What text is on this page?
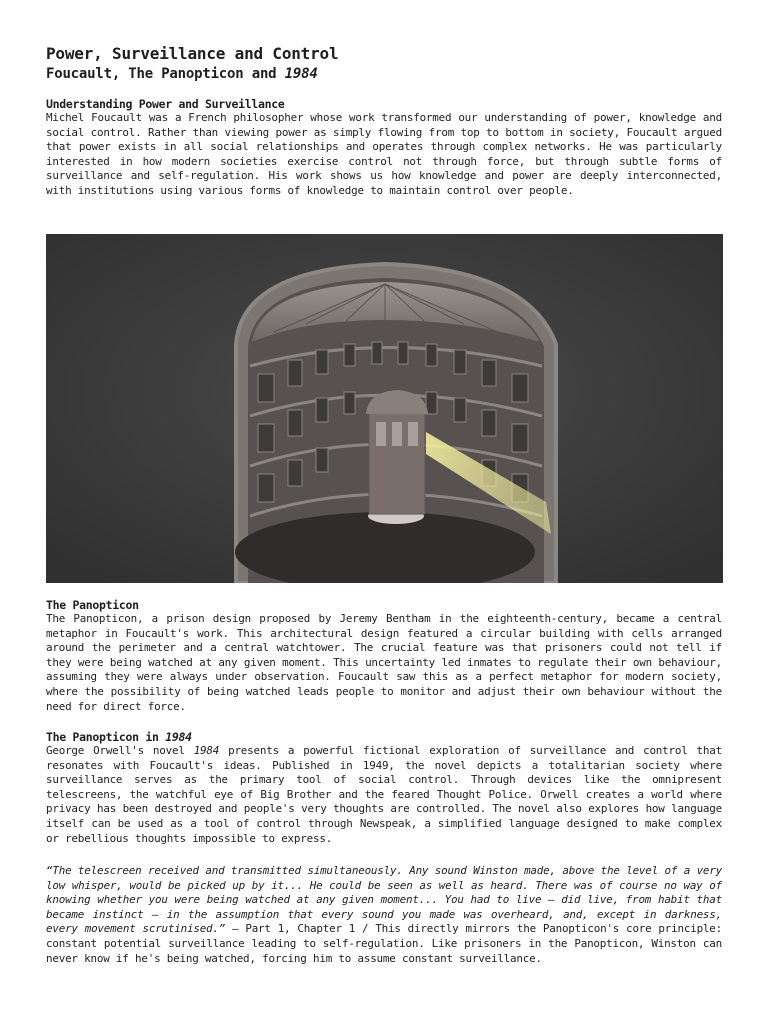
Power, Surveillance and Control
Foucault, The Panopticon and 1984
Understanding Power and Surveillance

Michel Foucault was a French philosopher whose work transformed our understanding of power, knowledge and social control. Rather than viewing power as simply flowing from top to bottom in society, Foucault argued that power exists in all social relationships and operates through complex networks. He was particularly interested in how modern societies exercise control not through force, but through subtle forms of surveillance and self-regulation. His work shows us how knowledge and power are deeply interconnected, with institutions using various forms of knowledge to maintain control over people.

The Panopticon

The Panopticon, a prison design proposed by Jeremy Bentham in the eighteenth-century, became a central metaphor in Foucault's work. This architectural design featured a circular building with cells arranged around the perimeter and a central watchtower. The crucial feature was that prisoners could not tell if they were being watched at any given moment. This uncertainty led inmates to regulate their own behaviour, assuming they were always under observation. Foucault saw this as a perfect metaphor for modern society, where the possibility of being watched leads people to monitor and adjust their own behaviour without the need for direct force.

The Panopticon in 1984

George Orwell's novel 1984 presents a powerful fictional exploration of surveillance and control that resonates with Foucault's ideas. Published in 1949, the novel depicts a totalitarian society where surveillance serves as the primary tool of social control. Through devices like the omnipresent telescreens, the watchful eye of Big Brother and the feared Thought Police. Orwell creates a world where privacy has been destroyed and people's very thoughts are controlled. The novel also explores how language itself can be used as a tool of control through Newspeak, a simplified language designed to make complex or rebellious thoughts impossible to express.

“The telescreen received and transmitted simultaneously. Any sound Winston made, above the level of a very low whisper, would be picked up by it... He could be seen as well as heard. There was of course no way of knowing whether you were being watched at any given moment... You had to live – did live, from habit that became instinct – in the assumption that every sound you made was overheard, and, except in darkness, every movement scrutinised.” – Part 1, Chapter 1 / This directly mirrors the Panopticon's core principle: constant potential surveillance leading to self-regulation. Like prisoners in the Panopticon, Winston can never know if he's being watched, forcing him to assume constant surveillance.
